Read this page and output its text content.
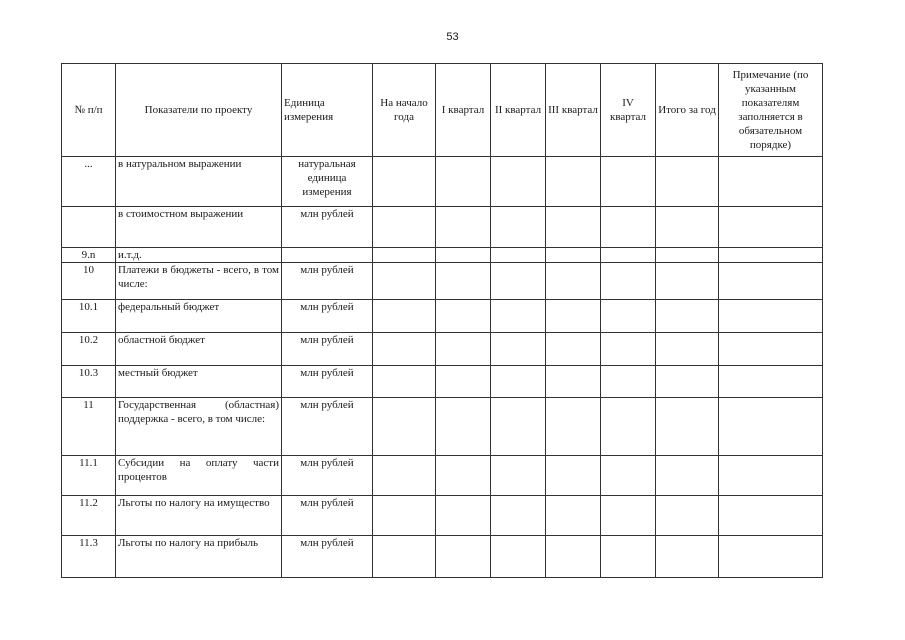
53
№ п/п	Показатели по проекту	Единица измерения	На начало года	I квартал	II квартал	III квартал	IV квартал	Итого за год	Примечание (по указанным показателям заполняется в обязательном порядке)
...	в натуральном выражении	натуральная единица измерения							
	в стоимостном выражении	млн рублей							
9.n	и.т.д.								
10	Платежи в бюджеты - всего, в том числе:	млн рублей							
10.1	федеральный бюджет	млн рублей							
10.2	областной бюджет	млн рублей							
10.3	местный бюджет	млн рублей							
11	Государственная (областная) поддержка - всего, в том числе:	млн рублей							
11.1	Субсидии на оплату части процентов	млн рублей							
11.2	Льготы по налогу на имущество	млн рублей							
11.3	Льготы по налогу на прибыль	млн рублей							
